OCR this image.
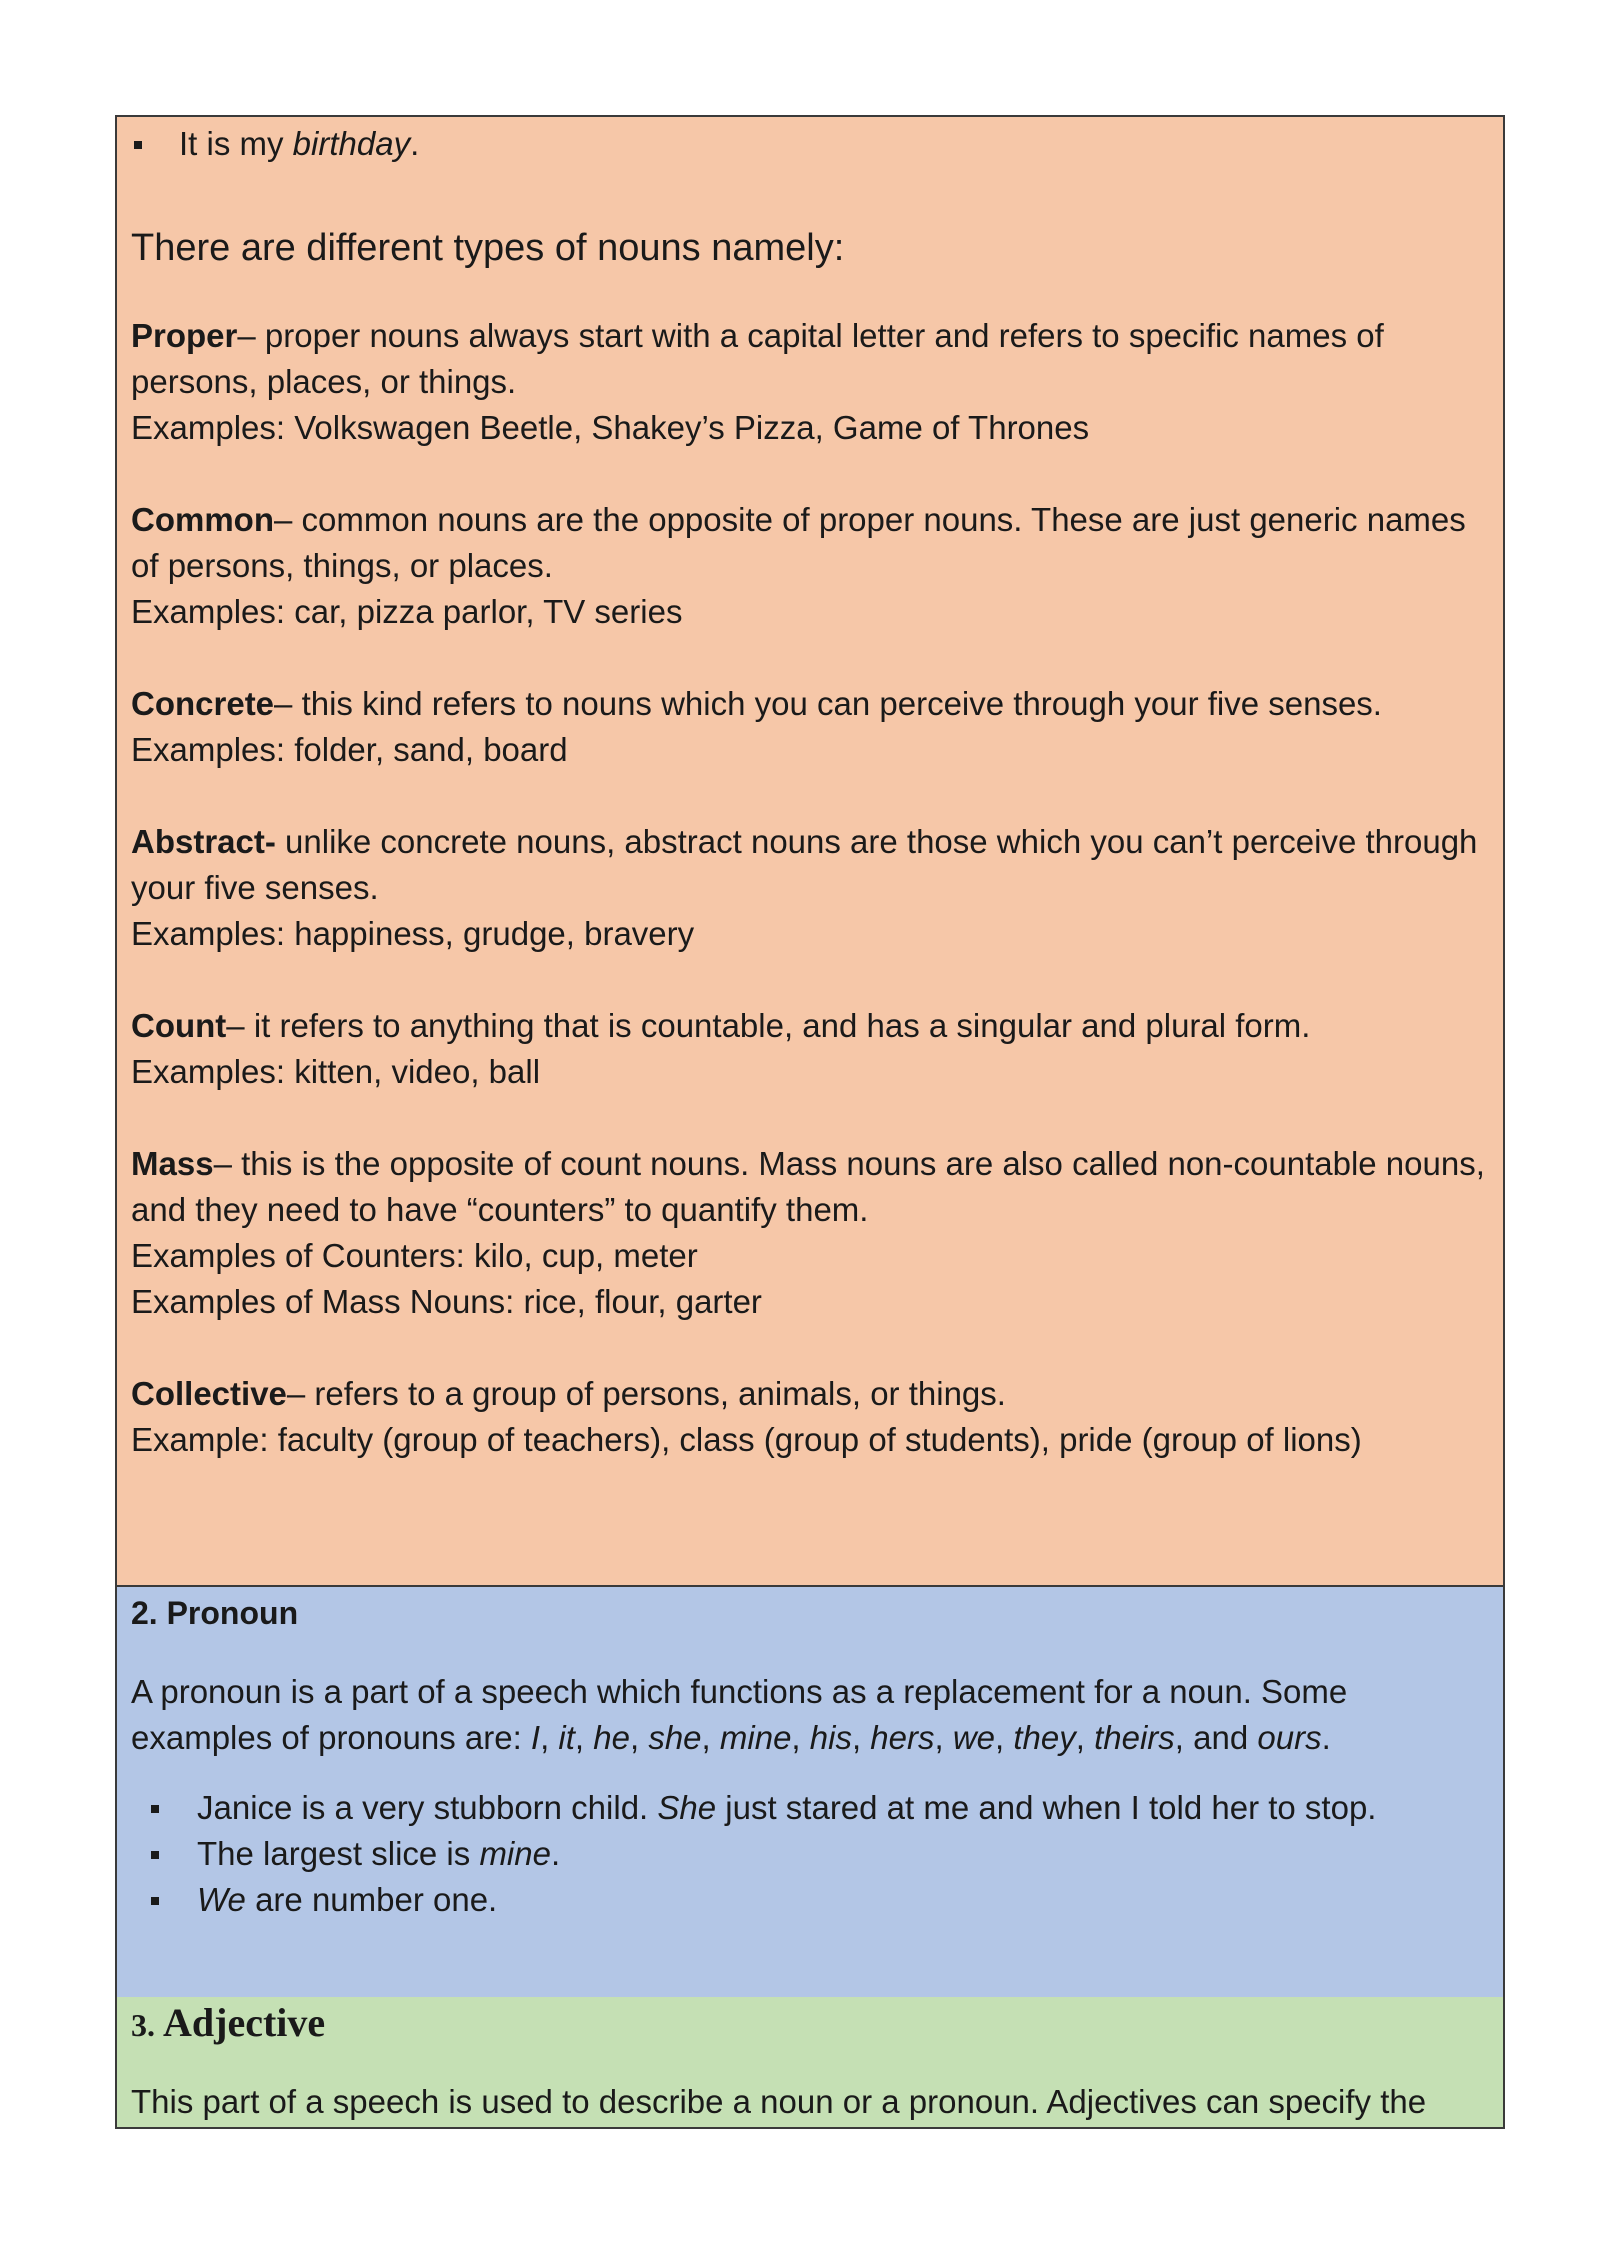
It is my birthday.
There are different types of nouns namely:
Proper– proper nouns always start with a capital letter and refers to specific names of persons, places, or things.
Examples: Volkswagen Beetle, Shakey’s Pizza, Game of Thrones
Common– common nouns are the opposite of proper nouns. These are just generic names of persons, things, or places.
Examples: car, pizza parlor, TV series
Concrete– this kind refers to nouns which you can perceive through your five senses.
Examples: folder, sand, board
Abstract- unlike concrete nouns, abstract nouns are those which you can’t perceive through your five senses.
Examples: happiness, grudge, bravery
Count– it refers to anything that is countable, and has a singular and plural form.
Examples: kitten, video, ball
Mass– this is the opposite of count nouns. Mass nouns are also called non-countable nouns, and they need to have “counters” to quantify them.
Examples of Counters: kilo, cup, meter
Examples of Mass Nouns: rice, flour, garter
Collective– refers to a group of persons, animals, or things.
Example: faculty (group of teachers), class (group of students), pride (group of lions)
2. Pronoun
A pronoun is a part of a speech which functions as a replacement for a noun. Some examples of pronouns are: I, it, he, she, mine, his, hers, we, they, theirs, and ours.
Janice is a very stubborn child. She just stared at me and when I told her to stop.
The largest slice is mine.
We are number one.
3. Adjective
This part of a speech is used to describe a noun or a pronoun. Adjectives can specify the
